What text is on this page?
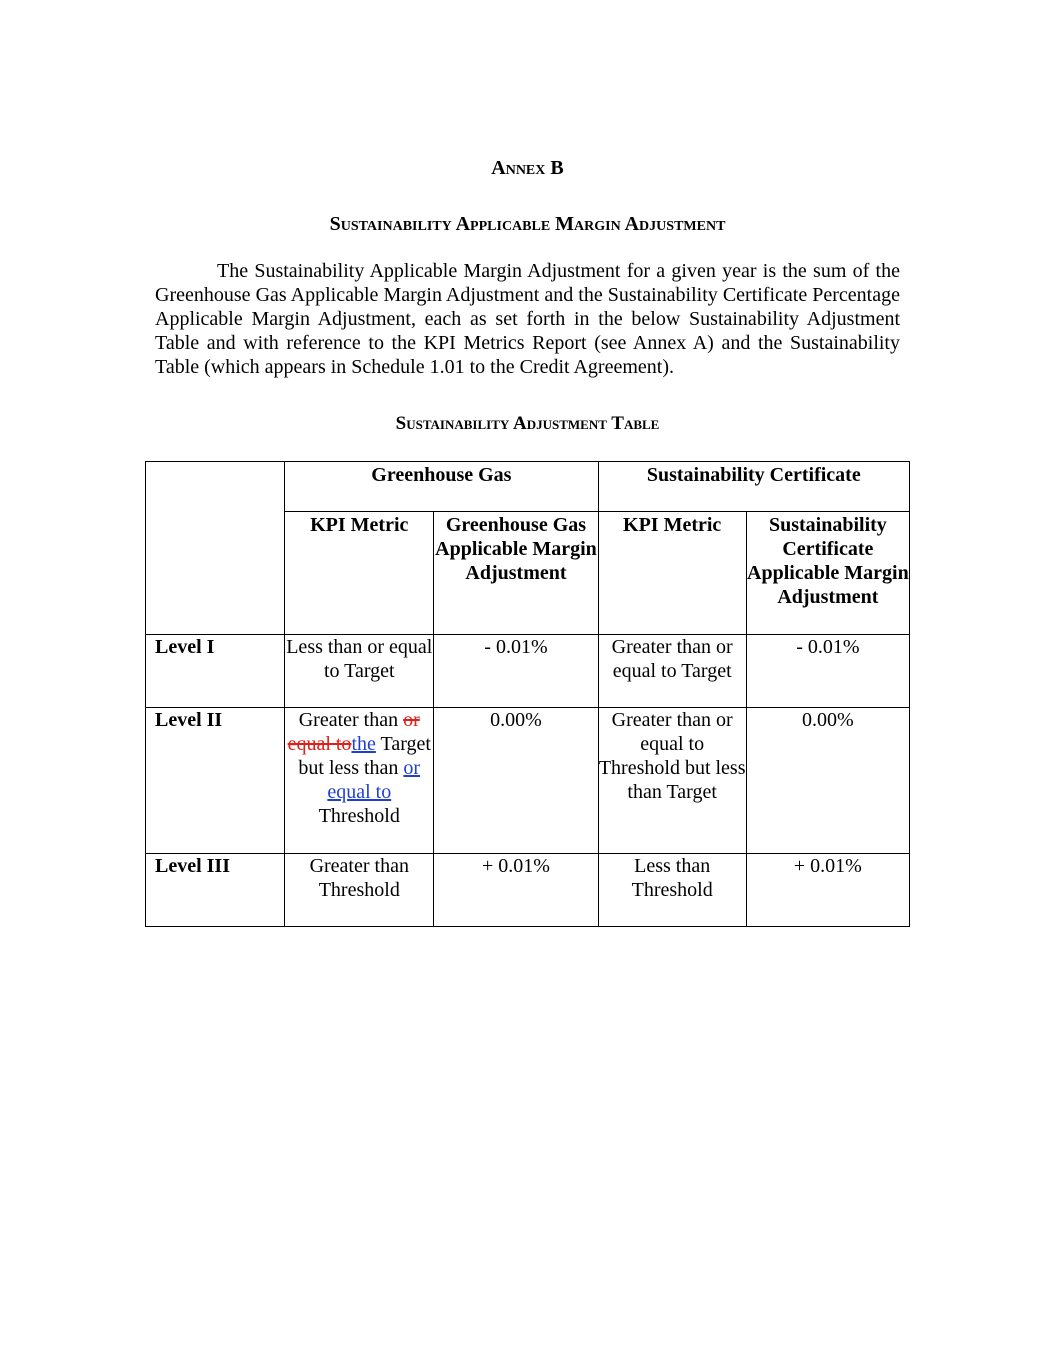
Annex B
Sustainability Applicable Margin Adjustment

The Sustainability Applicable Margin Adjustment for a given year is the sum of the Greenhouse Gas Applicable Margin Adjustment and the Sustainability Certificate Percentage Applicable Margin Adjustment, each as set forth in the below Sustainability Adjustment Table and with reference to the KPI Metrics Report (see Annex A) and the Sustainability Table (which appears in Schedule 1.01 to the Credit Agreement).

Sustainability Adjustment Table
	Greenhouse Gas		Sustainability Certificate	
	KPI Metric	Greenhouse Gas Applicable Margin Adjustment	KPI Metric	Sustainability Certificate Applicable Margin Adjustment
Level I	Less than or equal to Target	- 0.01%	Greater than or equal to Target	- 0.01%
Level II	Greater than or equal tothe Target but less than or equal to Threshold	0.00%	Greater than or equal to Threshold but less than Target	0.00%
Level III	Greater than Threshold	+ 0.01%	Less than Threshold	+ 0.01%
